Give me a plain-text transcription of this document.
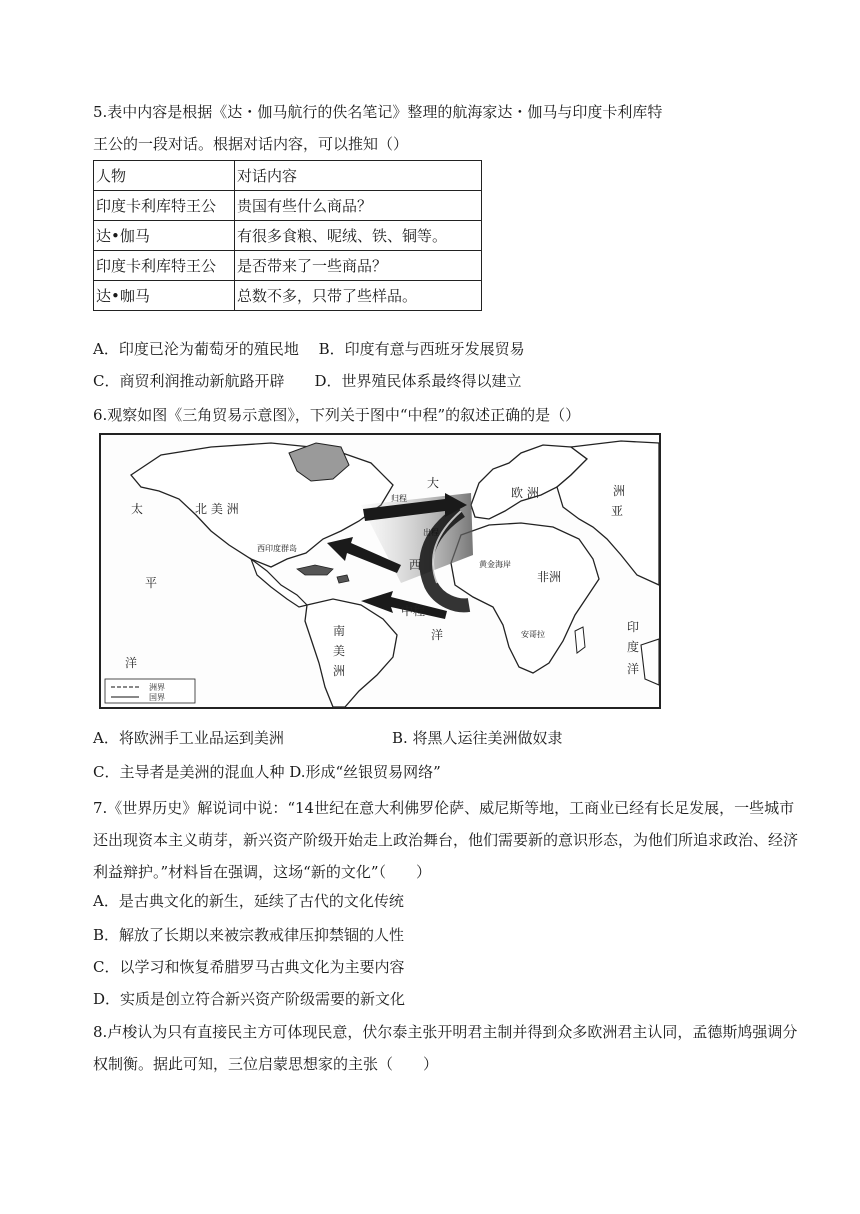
5.表中内容是根据《达・伽马航行的佚名笔记》整理的航海家达・伽马与印度卡利库特
王公的一段对话。根据对话内容，可以推知（）
人物	对话内容
印度卡利库特王公	贵国有些什么商品？
达•伽马	有很多食粮、呢绒、铁、铜等。
印度卡利库特王公	是否带来了一些商品？
达•咖马	总数不多，只带了些样品。
A．印度已沦为葡萄牙的殖民地　 B．印度有意与西班牙发展贸易
C．商贸利润推动新航路开辟　　D．世界殖民体系最终得以建立
6.观察如图《三角贸易示意图》，下列关于图中“中程”的叙述正确的是（）
太
平
洋
北 美 洲
大
西
洋
欧 洲
亚
洲
非洲
南
美
洲
印
度
洋
中程
归程
出程
西印度群岛
黄金海岸
安哥拉
洲界
国界
A．将欧洲手工业品运到美洲	B. 将黑人运往美洲做奴隶
C．主导者是美洲的混血人种 D.形成“丝银贸易网络”
7.《世界历史》解说词中说：“14世纪在意大利佛罗伦萨、威尼斯等地，工商业已经有长足发展，一些城市还出现资本主义萌芽，新兴资产阶级开始走上政治舞台，他们需要新的意识形态，为他们所追求政治、经济利益辩护。”材料旨在强调，这场“新的文化”（　　）
A．是古典文化的新生，延续了古代的文化传统
B．解放了长期以来被宗教戒律压抑禁锢的人性
C．以学习和恢复希腊罗马古典文化为主要内容
D．实质是创立符合新兴资产阶级需要的新文化
8.卢梭认为只有直接民主方可体现民意，伏尔泰主张开明君主制并得到众多欧洲君主认同，孟德斯鸠强调分权制衡。据此可知，三位启蒙思想家的主张（　　）
